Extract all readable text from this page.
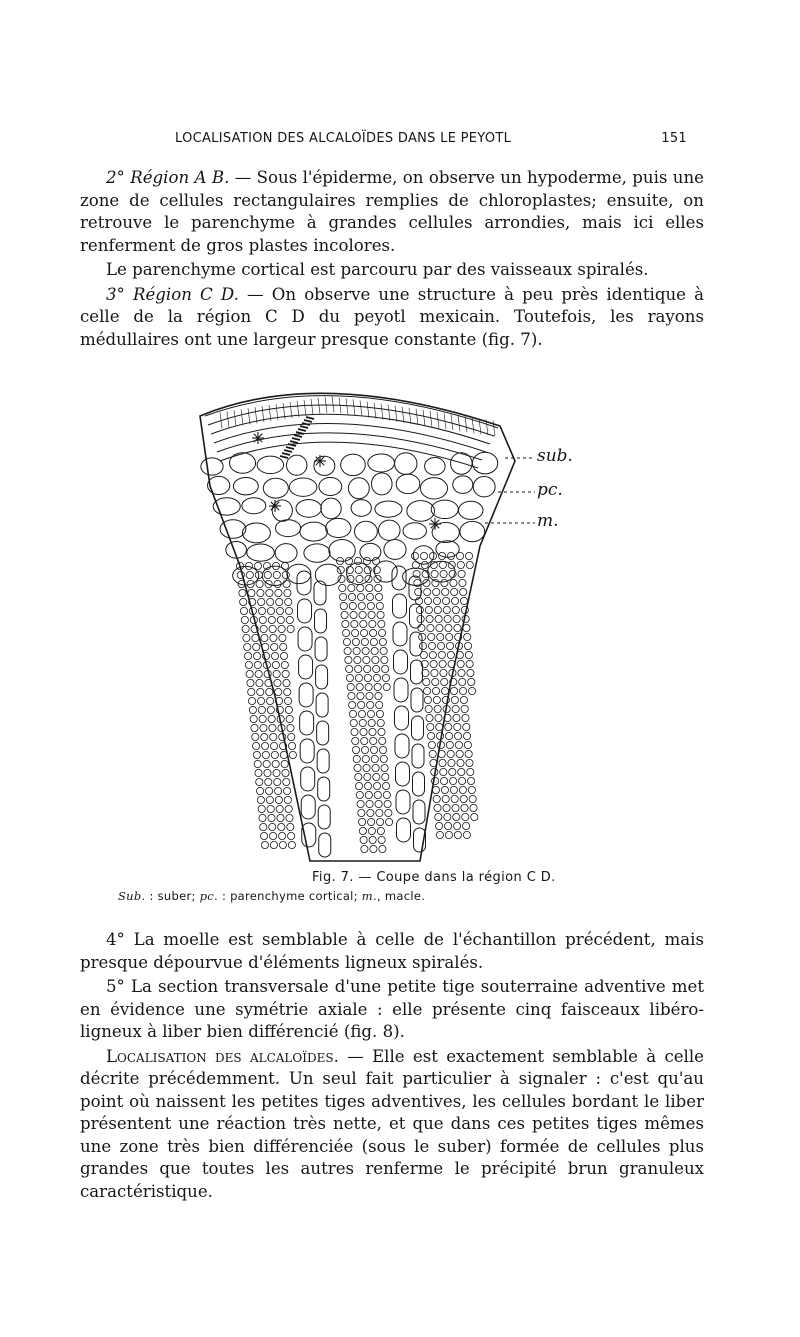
LOCALISATION DES ALCALOÏDES DANS LE PEYOTL	151

2° Région A B. — Sous l'épiderme, on observe un hypoderme, puis une zone de cellules rectangulaires remplies de chloroplastes; ensuite, on retrouve le parenchyme à grandes cellules arrondies, mais ici elles renferment de gros plastes incolores.

Le parenchyme cortical est parcouru par des vaisseaux spiralés.

3° Région C D. — On observe une structure à peu près identique à celle de la région C D du peyotl mexicain. Toutefois, les rayons médullaires ont une largeur presque constante (fig. 7).

sub.
pc.
m.
Fig. 7. — Coupe dans la région C D.
Sub. : suber; pc. : parenchyme cortical; m., macle.

4° La moelle est semblable à celle de l'échantillon précédent, mais presque dépourvue d'éléments ligneux spiralés.

5° La section transversale d'une petite tige souterraine adventive met en évidence une symétrie axiale : elle présente cinq faisceaux libéro-ligneux à liber bien différencié (fig. 8).

Localisation des alcaloïdes. — Elle est exactement semblable à celle décrite précédemment. Un seul fait particulier à signaler : c'est qu'au point où naissent les petites tiges adventives, les cellules bordant le liber présentent une réaction très nette, et que dans ces petites tiges mêmes une zone très bien différenciée (sous le suber) formée de cellules plus grandes que toutes les autres renferme le précipité brun granuleux caractéristique.
